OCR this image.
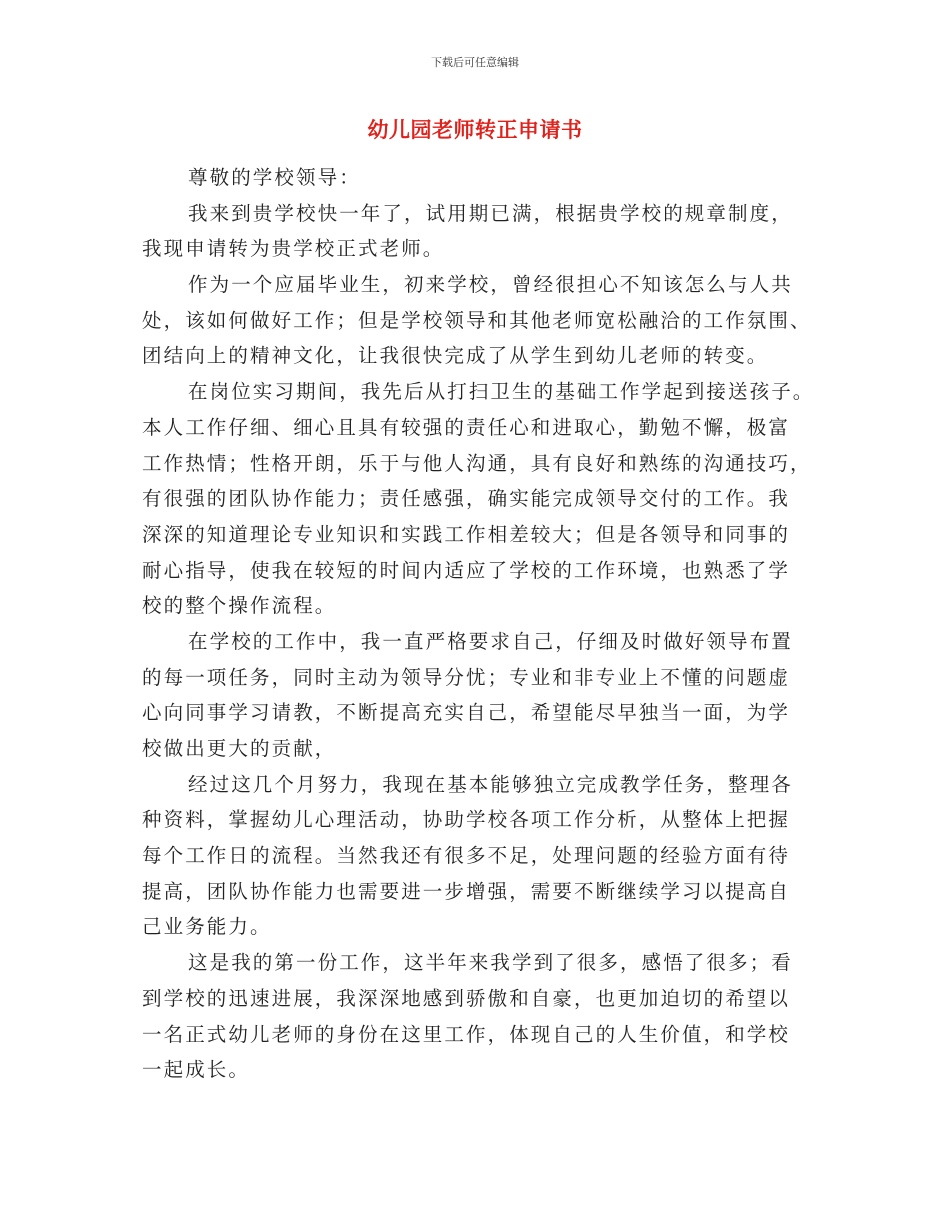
下载后可任意编辑
幼儿园老师转正申请书
尊敬的学校领导：
我来到贵学校快一年了，试用期已满，根据贵学校的规章制度，
我现申请转为贵学校正式老师。
作为一个应届毕业生，初来学校，曾经很担心不知该怎么与人共
处，该如何做好工作；但是学校领导和其他老师宽松融洽的工作氛围、
团结向上的精神文化，让我很快完成了从学生到幼儿老师的转变。
在岗位实习期间，我先后从打扫卫生的基础工作学起到接送孩子。
本人工作仔细、细心且具有较强的责任心和进取心，勤勉不懈，极富
工作热情；性格开朗，乐于与他人沟通，具有良好和熟练的沟通技巧，
有很强的团队协作能力；责任感强，确实能完成领导交付的工作。我
深深的知道理论专业知识和实践工作相差较大；但是各领导和同事的
耐心指导，使我在较短的时间内适应了学校的工作环境，也熟悉了学
校的整个操作流程。
在学校的工作中，我一直严格要求自己，仔细及时做好领导布置
的每一项任务，同时主动为领导分忧；专业和非专业上不懂的问题虚
心向同事学习请教，不断提高充实自己，希望能尽早独当一面，为学
校做出更大的贡献，
经过这几个月努力，我现在基本能够独立完成教学任务，整理各
种资料，掌握幼儿心理活动，协助学校各项工作分析，从整体上把握
每个工作日的流程。当然我还有很多不足，处理问题的经验方面有待
提高，团队协作能力也需要进一步增强，需要不断继续学习以提高自
己业务能力。
这是我的第一份工作，这半年来我学到了很多，感悟了很多；看
到学校的迅速进展，我深深地感到骄傲和自豪，也更加迫切的希望以
一名正式幼儿老师的身份在这里工作，体现自己的人生价值，和学校
一起成长。
